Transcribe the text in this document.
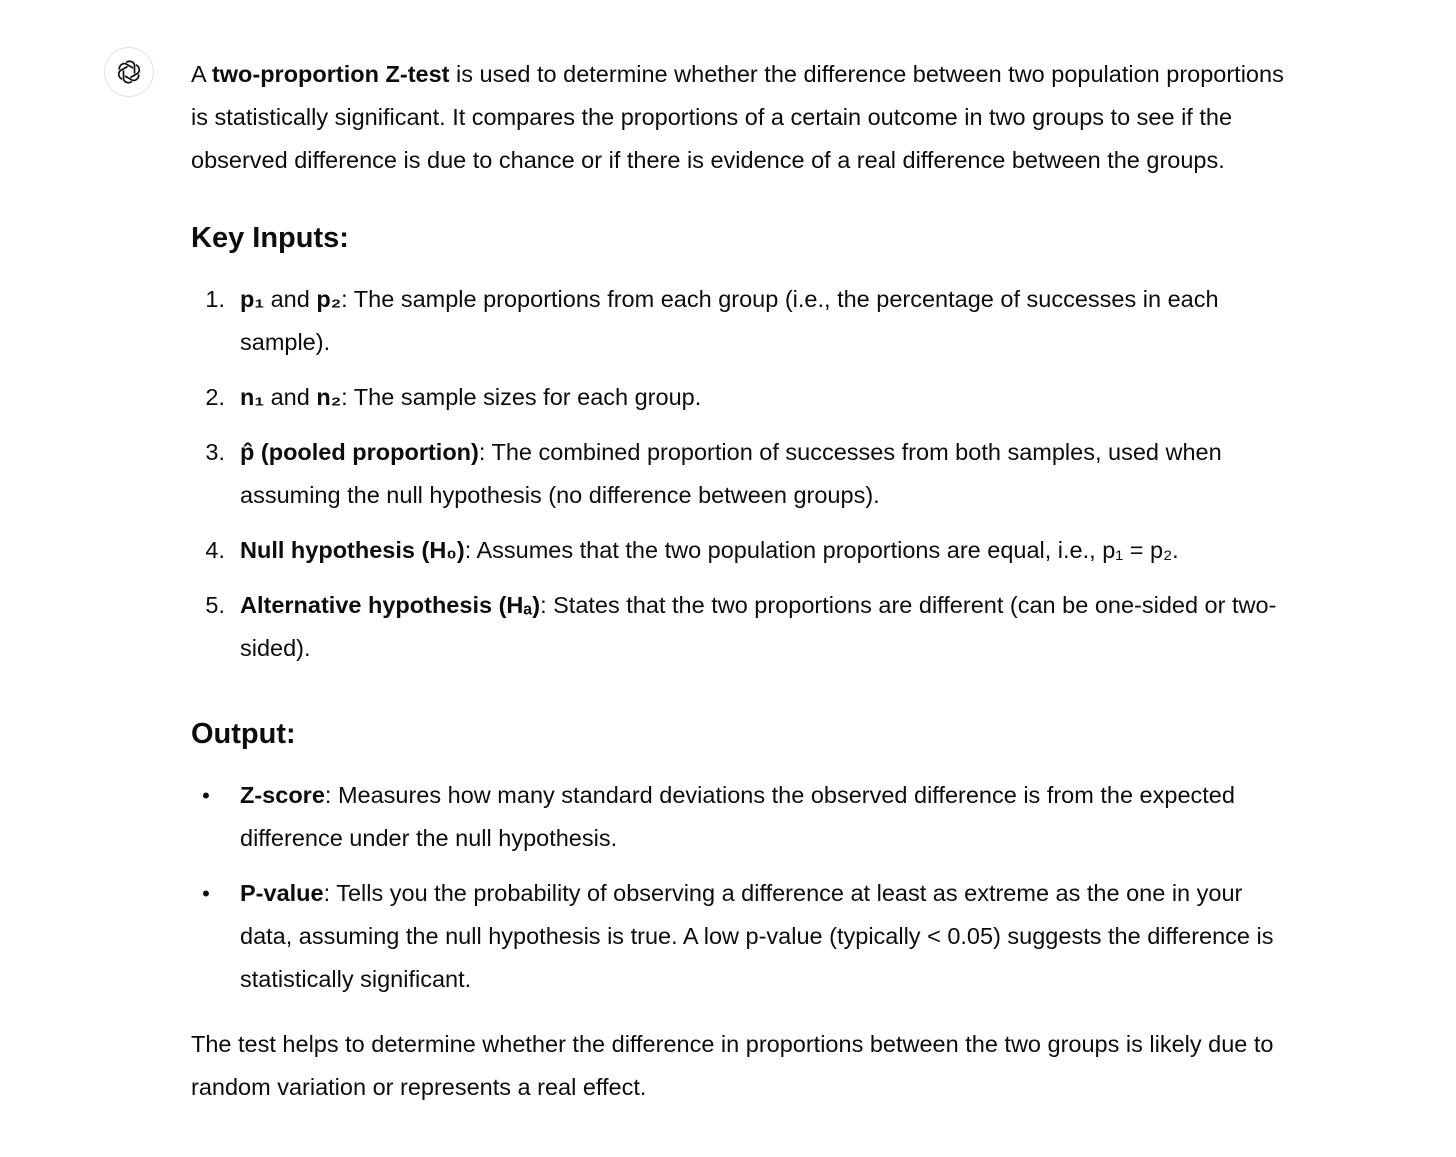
A two-proportion Z-test is used to determine whether the difference between two population proportions is statistically significant. It compares the proportions of a certain outcome in two groups to see if the observed difference is due to chance or if there is evidence of a real difference between the groups.

Key Inputs:
1. p₁ and p₂: The sample proportions from each group (i.e., the percentage of successes in each sample).
2. n₁ and n₂: The sample sizes for each group.
3. p̂ (pooled proportion): The combined proportion of successes from both samples, used when assuming the null hypothesis (no difference between groups).
4. Null hypothesis (H₀): Assumes that the two population proportions are equal, i.e., p₁ = p₂.
5. Alternative hypothesis (Hₐ): States that the two proportions are different (can be one-sided or two-sided).
Output:
•	Z-score: Measures how many standard deviations the observed difference is from the expected difference under the null hypothesis.
•	P-value: Tells you the probability of observing a difference at least as extreme as the one in your data, assuming the null hypothesis is true. A low p-value (typically < 0.05) suggests the difference is statistically significant.

The test helps to determine whether the difference in proportions between the two groups is likely due to random variation or represents a real effect.
